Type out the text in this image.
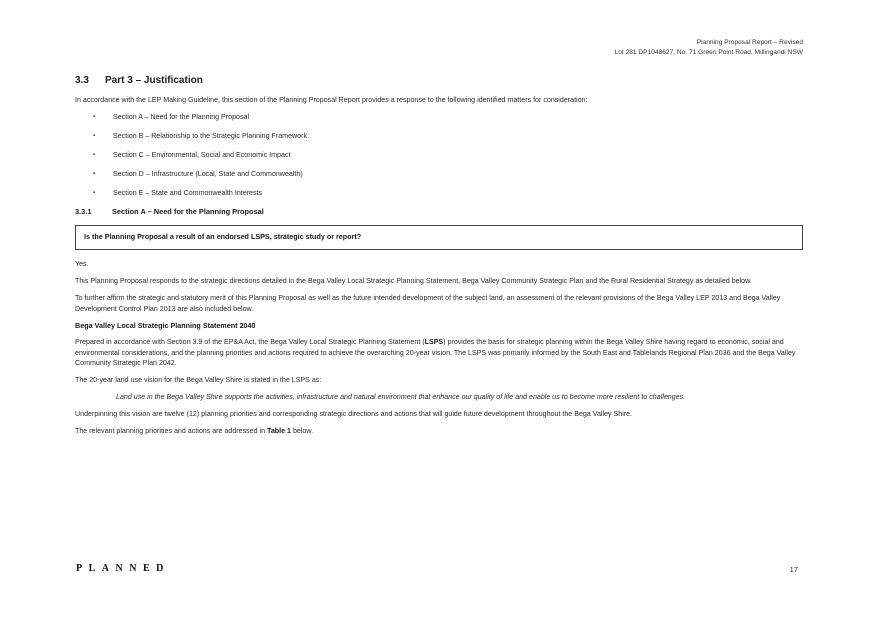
Planning Proposal Report – Revised
Lot 281 DP1048627, No. 71 Green Point Road, Millingandi NSW
3.3	Part 3 – Justification

In accordance with the LEP Making Guideline, this section of the Planning Proposal Report provides a response to the following identified matters for consideration:

▪	Section A – Need for the Planning Proposal
▪	Section B – Relationship to the Strategic Planning Framework
▪	Section C – Environmental, Social and Economic Impact
▪	Section D – Infrastructure (Local, State and Commonwealth)
▪	Section E – State and Commonwealth Interests
3.3.1	Section A – Need for the Planning Proposal
Is the Planning Proposal a result of an endorsed LSPS, strategic study or report?

Yes.

This Planning Proposal responds to the strategic directions detailed in the Bega Valley Local Strategic Planning Statement, Bega Valley Community Strategic Plan and the Rural Residential Strategy as detailed below.

To further affirm the strategic and statutory merit of this Planning Proposal as well as the future intended development of the subject land, an assessment of the relevant provisions of the Bega Valley LEP 2013 and Bega Valley Development Control Plan 2013 are also included below.

Bega Valley Local Strategic Planning Statement 2040

Prepared in accordance with Section 3.9 of the EP&A Act, the Bega Valley Local Strategic Planning Statement (LSPS) provides the basis for strategic planning within the Bega Valley Shire having regard to economic, social and environmental considerations, and the planning priorities and actions required to achieve the overarching 20-year vision. The LSPS was primarily informed by the South East and Tablelands Regional Plan 2036 and the Bega Valley Community Strategic Plan 2042.

The 20-year land use vision for the Bega Valley Shire is stated in the LSPS as:

Land use in the Bega Valley Shire supports the activities, infrastructure and natural environment that enhance our quality of life and enable us to become more resilient to challenges.

Underpinning this vision are twelve (12) planning priorities and corresponding strategic directions and actions that will guide future development throughout the Bega Valley Shire.

The relevant planning priorities and actions are addressed in Table 1 below.

PLANNED	17
